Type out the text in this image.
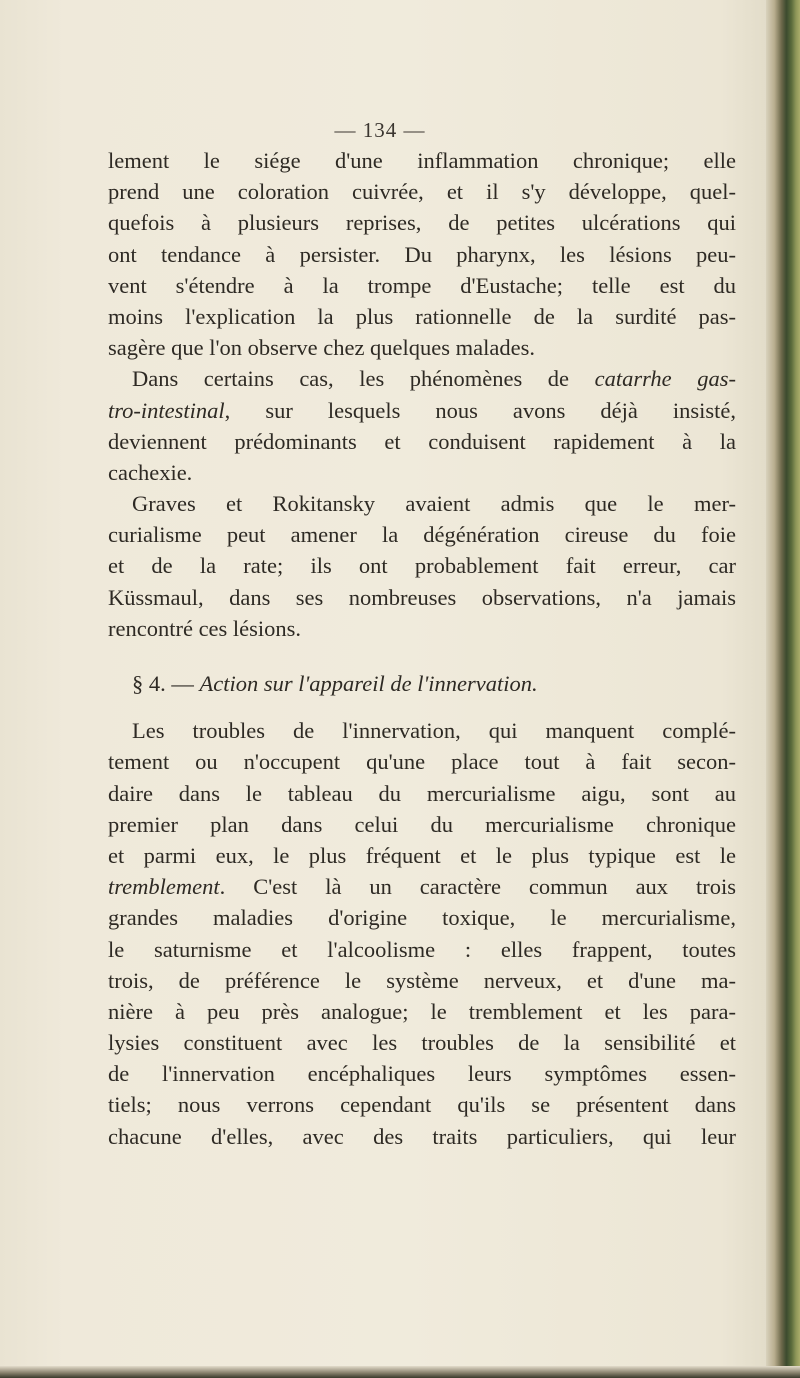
— 134 —
lement le siége d'une inflammation chronique; elle
prend une coloration cuivrée, et il s'y développe, quel-
quefois à plusieurs reprises, de petites ulcérations qui
ont tendance à persister. Du pharynx, les lésions peu-
vent s'étendre à la trompe d'Eustache; telle est du
moins l'explication la plus rationnelle de la surdité pas-
sagère que l'on observe chez quelques malades.
Dans certains cas, les phénomènes de catarrhe gas-
tro-intestinal, sur lesquels nous avons déjà insisté,
deviennent prédominants et conduisent rapidement à la
cachexie.
Graves et Rokitansky avaient admis que le mer-
curialisme peut amener la dégénération cireuse du foie
et de la rate; ils ont probablement fait erreur, car
Küssmaul, dans ses nombreuses observations, n'a jamais
rencontré ces lésions.
§ 4. — Action sur l'appareil de l'innervation.
Les troubles de l'innervation, qui manquent complé-
tement ou n'occupent qu'une place tout à fait secon-
daire dans le tableau du mercurialisme aigu, sont au
premier plan dans celui du mercurialisme chronique
et parmi eux, le plus fréquent et le plus typique est le
tremblement. C'est là un caractère commun aux trois
grandes maladies d'origine toxique, le mercurialisme,
le saturnisme et l'alcoolisme : elles frappent, toutes
trois, de préférence le système nerveux, et d'une ma-
nière à peu près analogue; le tremblement et les para-
lysies constituent avec les troubles de la sensibilité et
de l'innervation encéphaliques leurs symptômes essen-
tiels; nous verrons cependant qu'ils se présentent dans
chacune d'elles, avec des traits particuliers, qui leur
